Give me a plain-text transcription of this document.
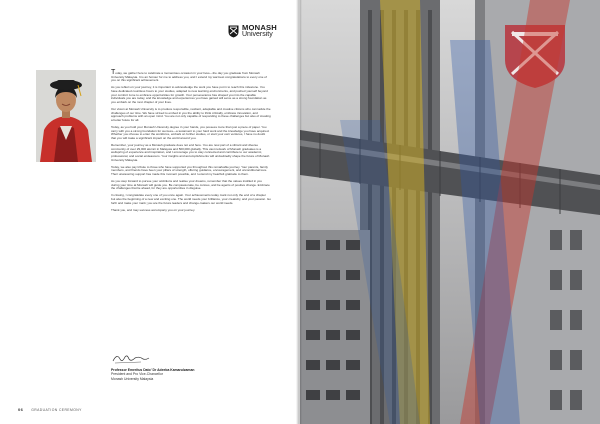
MONASH
University

Today, we gather here to celebrate a momentous occasion in your lives—the day you graduate from Monash University Malaysia. It is an honour for me to address you, and I extend my warmest congratulations to every one of you on this significant achievement.

As you reflect on your journey, it is important to acknowledge the work you have put in to reach this milestone. You have dedicated countless hours to your studies, adapted to new learning environments, and pushed yourself beyond your comfort zone to embrace opportunities for growth. Your perseverance has shaped you into the capable individuals you are today, and the knowledge and experiences you have gained will serve as a strong foundation as you embark on the next chapter of your lives.

Our vision at Monash University is to produce responsible, resilient, adaptable and creative citizens who can tackle the challenges of our time. We have strived to embed in you the ability to think critically, embrace innovation, and approach problems with an open mind. You are not only capable of responding to these challenges but also of creating a better future for all.

Today, as you hold your Monash University degree in your hands, you possess more than just a piece of paper. You carry with you a strong foundation for success—a testament to your hard work and the knowledge you have acquired. Whether you choose to enter the workforce, embark on further studies, or start your own ventures, I have no doubt that you will make a significant impact on the world around you.

Remember, your journey as a Monash graduate does not end here. You are now part of a vibrant and diverse community of over 29,000 alumni in Malaysia and 500,000 globally. This vast network of Monash graduates is a wellspring of experience and inspiration, and I encourage you to stay connected and contribute to our academic, professional, and social endeavours. Your insights and accomplishments will undoubtedly shape the future of Monash University Malaysia.

Today, we also pay tribute to those who have supported you throughout this remarkable journey. Your parents, family members, and friends have been your pillars of strength, offering guidance, encouragement, and unconditional love. Their unwavering support has made this moment possible, and I extend my heartfelt gratitude to them.

As you step forward to pursue your ambitions and realise your dreams, remember that the values instilled in you during your time at Monash will guide you. Be compassionate, be curious, and be agents of positive change. Embrace the challenges that lie ahead, for they are opportunities in disguise.

In closing, I congratulate every one of you once again. Your achievements today mark not only the end of a chapter but also the beginning of a new and exciting one. The world needs your brilliance, your creativity, and your passion. Go forth and make your mark; you are the future leaders and change-makers our world needs.

Thank you, and may success accompany you on your journey.

Professor Emeritus Dato' Dr Adeeba Kamarulzaman
President and Pro Vice-Chancellor
Monash University Malaysia
06 GRADUATION CEREMONY
